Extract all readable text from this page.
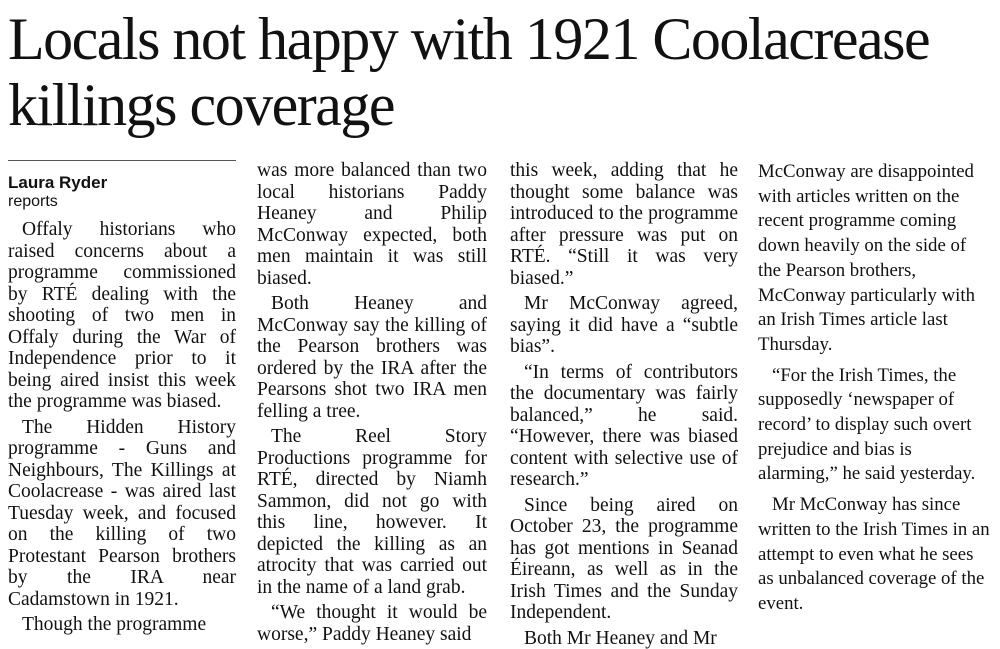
Locals not happy with 1921 Coolacrease killings coverage
Laura Ryder
reports

Offaly historians who raised concerns about a programme commissioned by RTÉ dealing with the shooting of two men in Offaly during the War of Independence prior to it being aired insist this week the programme was biased.

The Hidden History programme - Guns and Neighbours, The Killings at Coolacrease - was aired last Tuesday week, and focused on the killing of two Protestant Pearson brothers by the IRA near Cadamstown in 1921.

Though the programme

was more balanced than two local historians Paddy Heaney and Philip McConway expected, both men maintain it was still biased.

Both Heaney and McConway say the killing of the Pearson brothers was ordered by the IRA after the Pearsons shot two IRA men felling a tree.

The Reel Story Productions programme for RTÉ, directed by Niamh Sammon, did not go with this line, however. It depicted the killing as an atrocity that was carried out in the name of a land grab.

“We thought it would be worse,” Paddy Heaney said

this week, adding that he thought some balance was introduced to the programme after pressure was put on RTÉ. “Still it was very biased.”

Mr McConway agreed, saying it did have a “subtle bias”.

“In terms of contributors the documentary was fairly balanced,” he said. “However, there was biased content with selective use of research.”

Since being aired on October 23, the programme has got mentions in Seanad Éireann, as well as in the Irish Times and the Sunday Independent.

Both Mr Heaney and Mr

McConway are disappointed with articles written on the recent programme coming down heavily on the side of the Pearson brothers, McConway particularly with an Irish Times article last Thursday.

“For the Irish Times, the supposedly ‘newspaper of record’ to display such overt prejudice and bias is alarming,” he said yesterday.

Mr McConway has since written to the Irish Times in an attempt to even what he sees as unbalanced coverage of the event.
